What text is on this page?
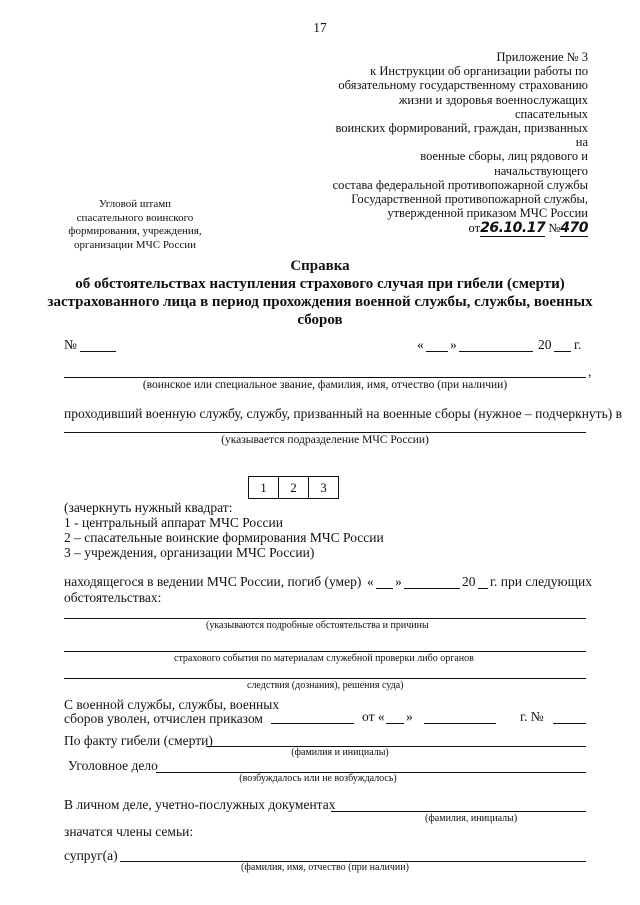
17
Приложение № 3
к Инструкции об организации работы по
обязательному государственному страхованию
жизни и здоровья военнослужащих спасательных
воинских формирований, граждан, призванных на
военные сборы, лиц рядового и начальствующего
состава федеральной противопожарной службы
Государственной противопожарной службы,
утвержденной приказом МЧС России
от26.10.17 №470
Угловой штамп
спасательного воинского
формирования, учреждения,
организации МЧС России
Справка
об обстоятельствах наступления страхового случая при гибели (смерти)
застрахованного лица в период прохождения военной службы, службы, военных
сборов
№	« »	20 г.
,
(воинское или специальное звание, фамилия, имя, отчество (при наличии)
проходивший военную службу, службу, призванный на военные сборы (нужное – подчеркнуть) в
(указывается подразделение МЧС России)
1	2	3
(зачеркнуть нужный квадрат:
1 - центральный аппарат МЧС России
2 – спасательные воинские формирования МЧС России
3 – учреждения, организации МЧС России)
находящегося в ведении МЧС России, погиб (умер) « »	20 г. при следующих
обстоятельствах:
(указываются подробные обстоятельства и причины
страхового события по материалам служебной проверки либо органов
следствия (дознания), решения суда)
С военной службы, службы, военных
сборов уволен, отчислен приказом	от « »	г. №
По факту гибели (смерти)
(фамилия и инициалы)
Уголовное дело
(возбуждалось или не возбуждалось)
В личном деле, учетно-послужных документах
(фамилия, инициалы)
значатся члены семьи:
супруг(а)
(фамилия, имя, отчество (при наличии)
